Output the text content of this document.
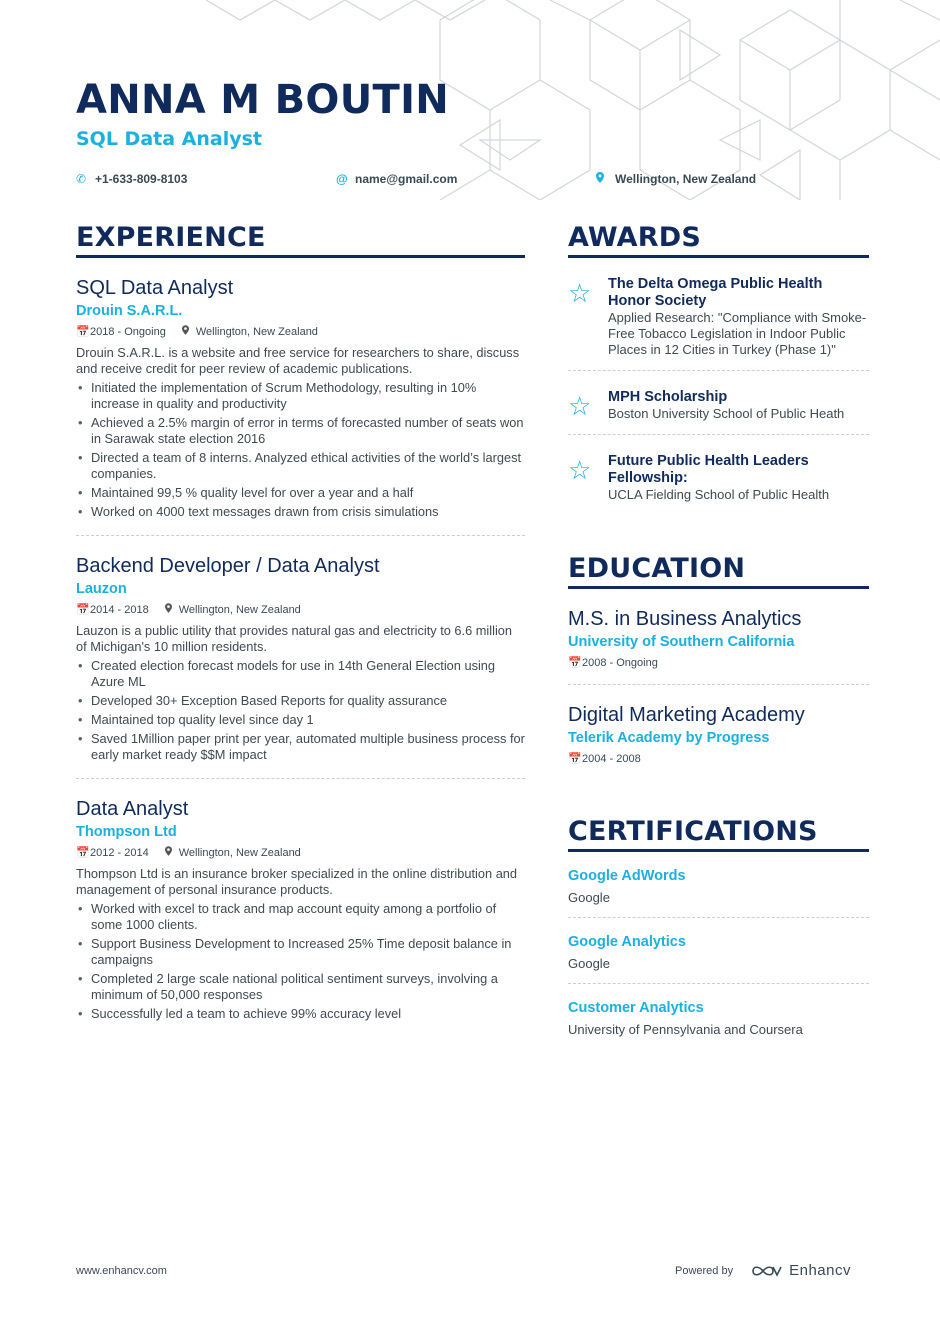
ANNA M BOUTIN
SQL Data Analyst
✆ +1-633-809-8103	@ name@gmail.com	Wellington, New Zealand
EXPERIENCE
SQL Data Analyst
Drouin S.A.R.L.
📅2018 - Ongoing	Wellington, New Zealand
Drouin S.A.R.L. is a website and free service for researchers to share, discuss and receive credit for peer review of academic publications.
• Initiated the implementation of Scrum Methodology, resulting in 10% increase in quality and productivity
• Achieved a 2.5% margin of error in terms of forecasted number of seats won in Sarawak state election 2016
• Directed a team of 8 interns. Analyzed ethical activities of the world’s largest companies.
• Maintained 99,5 % quality level for over a year and a half
• Worked on 4000 text messages drawn from crisis simulations
Backend Developer / Data Analyst
Lauzon
📅2014 - 2018	Wellington, New Zealand
Lauzon is a public utility that provides natural gas and electricity to 6.6 million of Michigan's 10 million residents.
• Created election forecast models for use in 14th General Election using Azure ML
• Developed 30+ Exception Based Reports for quality assurance
• Maintained top quality level since day 1
• Saved 1Million paper print per year, automated multiple business process for early market ready $$M impact
Data Analyst
Thompson Ltd
📅2012 - 2014	Wellington, New Zealand
Thompson Ltd is an insurance broker specialized in the online distribution and management of personal insurance products.
• Worked with excel to track and map account equity among a portfolio of some 1000 clients.
• Support Business Development to Increased 25% Time deposit balance in campaigns
• Completed 2 large scale national political sentiment surveys, involving a minimum of 50,000 responses
• Successfully led a team to achieve 99% accuracy level
AWARDS
☆	The Delta Omega Public Health Honor Society
Applied Research: "Compliance with Smoke-Free Tobacco Legislation in Indoor Public Places in 12 Cities in Turkey (Phase 1)"
☆	MPH Scholarship
Boston University School of Public Heath
☆	Future Public Health Leaders Fellowship:
UCLA Fielding School of Public Health
EDUCATION
M.S. in Business Analytics
University of Southern California
📅2008 - Ongoing
Digital Marketing Academy
Telerik Academy by Progress
📅2004 - 2008
CERTIFICATIONS
Google AdWords
Google
Google Analytics
Google
Customer Analytics
University of Pennsylvania and Coursera
www.enhancv.com	Powered by	Enhancv
